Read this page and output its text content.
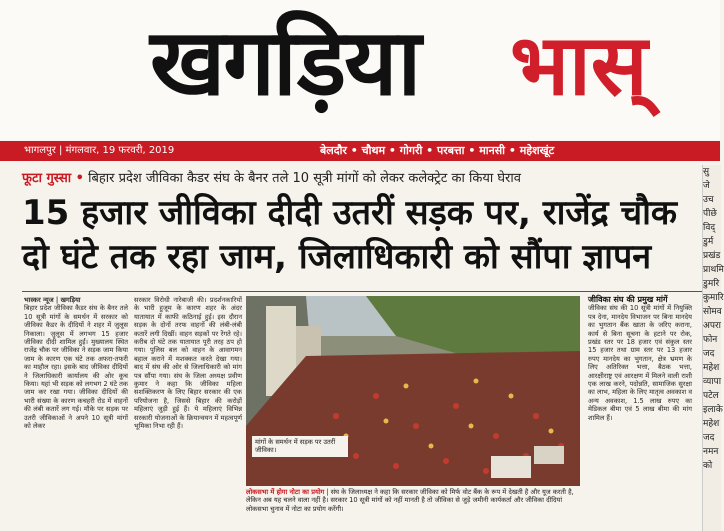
खगड़िया भास्
भागलपुर | मंगलवार, 19 फरवरी, 2019	बेलदौर • चौथम • गोगरी • परबत्ता • मानसी • महेशखूंट
फूटा गुस्सा • बिहार प्रदेश जीविका कैडर संघ के बैनर तले 10 सूत्री मांगों को लेकर कलेक्ट्रेट का किया घेराव
15 हजार जीविका दीदी उतरीं सड़क पर, राजेंद्र चौक
दो घंटे तक रहा जाम, जिलाधिकारी को सौंपा ज्ञापन
भास्कर न्यूज | खगड़िया
बिहार प्रदेश जीविका कैडर संघ के बैनर तले 10 सूत्री मांगों के समर्थन में सरकार को जीविका कैडर के दीदियों ने शहर में जुलूस निकाला। जुलूस में लगभग 15 हजार जीविका दीदी शामिल हुईं। मुख्यालय स्थित राजेंद्र चौक पर जीविका ने सड़क जाम किया जाम के कारण एक घंटे तक अफरा-तफरी का माहौल रहा। इसके बाद जीविका दीदियों ने जिलाधिकारी कार्यालय की ओर कूच किया। यहां भी सड़क को लगभग 2 घंटे तक जाम कर रखा गया। जीविका दीदियों की भारी संख्या के कारण कचहरी रोड में वाहनों की लंबी कतारें लग गई। मौके पर सड़क पर उतरी जीविकाओं ने अपने 10 सूत्री मांगों को लेकर
सरकार विरोधी नारेबाजी की। प्रदर्शनकारियों के भारी हुजूम के कारण शहर के अंदर यातायात में काफी कठिनाई हुई। इस दौरान सड़क के दोनों तरफ वाहनों की लंबी-लंबी कतारें लगी दिखीं। वाहन सड़कों पर रेंगते रहे। करीब दो घंटे तक यातायात पूरी तरह ठप हो गया। पुलिस बल को वाहन के आवागमन बहाल कराने में मशक्कत करते देखा गया। बाद में संघ की ओर से जिलाधिकारी को मांग पत्र सौंपा गया। संघ के जिला अध्यक्ष प्रवीण कुमार ने कहा कि जीविका महिला सशक्तिकरण के लिए बिहार सरकार की एक परियोजना है, जिससे बिहार की करोड़ों महिलाएं जुड़ी हुई हैं। ये महिलाएं विभिन्न सरकारी योजनाओं के क्रियान्वयन में महत्वपूर्ण भूमिका निभा रही हैं।
मांगों के समर्थन में सड़क पर उतरीं जीविका।
जीविका संघ की प्रमुख मांगें
जीविका संघ की 10 सूत्री मांगों में नियुक्ति पत्र देना, मानदेय विभाजन पर बिना मानदेय का भुगतान बैंक खाता के जरिए कराना, कार्य से बिना सूचना के हटाने पर रोक, प्रखंड स्तर पर 18 हजार एवं संकुल स्तर 15 हजार तथा ग्राम स्तर पर 13 हजार रुपए मानदेय का भुगतान, क्षेत्र भ्रमण के लिए अतिरिक्त भत्ता, बैठक भत्ता, आरक्षीराष्ट्र एवं आरक्षण में मिलने वाली राशी एक लाख करने, पदोन्नति, सामाजिक सुरक्षा का लाभ, महिला के लिए मातृत्व अवकाश व अन्य अवकाश, 1.5 लाख रुपए का मेडिकल बीमा एवं 5 लाख बीमा की मांग शामिल हैं।
लोकसभा में होगा नोटा का प्रयोग | संघ के जिलाध्यक्ष ने कहा कि सरकार जीविका को मिर्फ वोट बैंक के रूप में देखती है और यूज करती है, लेकिन अब यह चलने वाला नहीं है। सरकार 10 सूत्री मांगों को नहीं मानती है तो जीविका से जुड़े जमीनी कार्यकर्ता और जीविका दीदियां लोकसभा चुनाव में नोटा का प्रयोग करेंगी।
सु
जे
उच
पीछे
विद्
डुर्म
प्रखंड
प्राथमि
डुमरि
कुमारि
सोमव
अपरा
फोन
जद
महेश
व्यापा
पटेल
इलाके
महेश
जद
नमन
को
